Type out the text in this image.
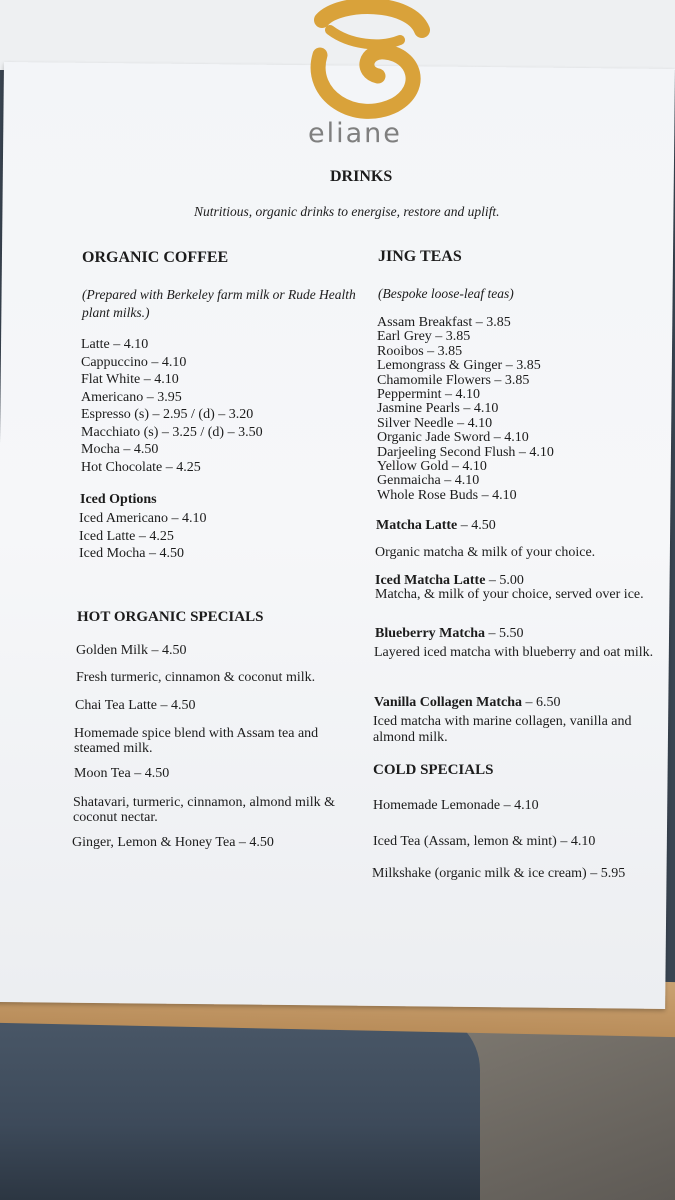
eliane
DRINKS
Nutritious, organic drinks to energise, restore and uplift.
ORGANIC COFFEE
(Prepared with Berkeley farm milk or Rude Health plant milks.)
Latte – 4.10
Cappuccino – 4.10
Flat White – 4.10
Americano – 3.95
Espresso (s) – 2.95 / (d) – 3.20
Macchiato (s) – 3.25 / (d) – 3.50
Mocha – 4.50
Hot Chocolate – 4.25
Iced Options
Iced Americano – 4.10
Iced Latte – 4.25
Iced Mocha – 4.50
HOT ORGANIC SPECIALS
Golden Milk – 4.50
Fresh turmeric, cinnamon & coconut milk.
Chai Tea Latte – 4.50
Homemade spice blend with Assam tea and steamed milk.
Moon Tea – 4.50
Shatavari, turmeric, cinnamon, almond milk & coconut nectar.
Ginger, Lemon & Honey Tea – 4.50
JING TEAS
(Bespoke loose-leaf teas)
Assam Breakfast – 3.85
Earl Grey – 3.85
Rooibos – 3.85
Lemongrass & Ginger – 3.85
Chamomile Flowers – 3.85
Peppermint – 4.10
Jasmine Pearls – 4.10
Silver Needle – 4.10
Organic Jade Sword – 4.10
Darjeeling Second Flush – 4.10
Yellow Gold – 4.10
Genmaicha – 4.10
Whole Rose Buds – 4.10
Matcha Latte – 4.50
Organic matcha & milk of your choice.
Iced Matcha Latte – 5.00
Matcha, & milk of your choice, served over ice.
Blueberry Matcha – 5.50
Layered iced matcha with blueberry and oat milk.
Vanilla Collagen Matcha – 6.50
Iced matcha with marine collagen, vanilla and almond milk.
COLD SPECIALS
Homemade Lemonade – 4.10
Iced Tea (Assam, lemon & mint) – 4.10
Milkshake (organic milk & ice cream) – 5.95
